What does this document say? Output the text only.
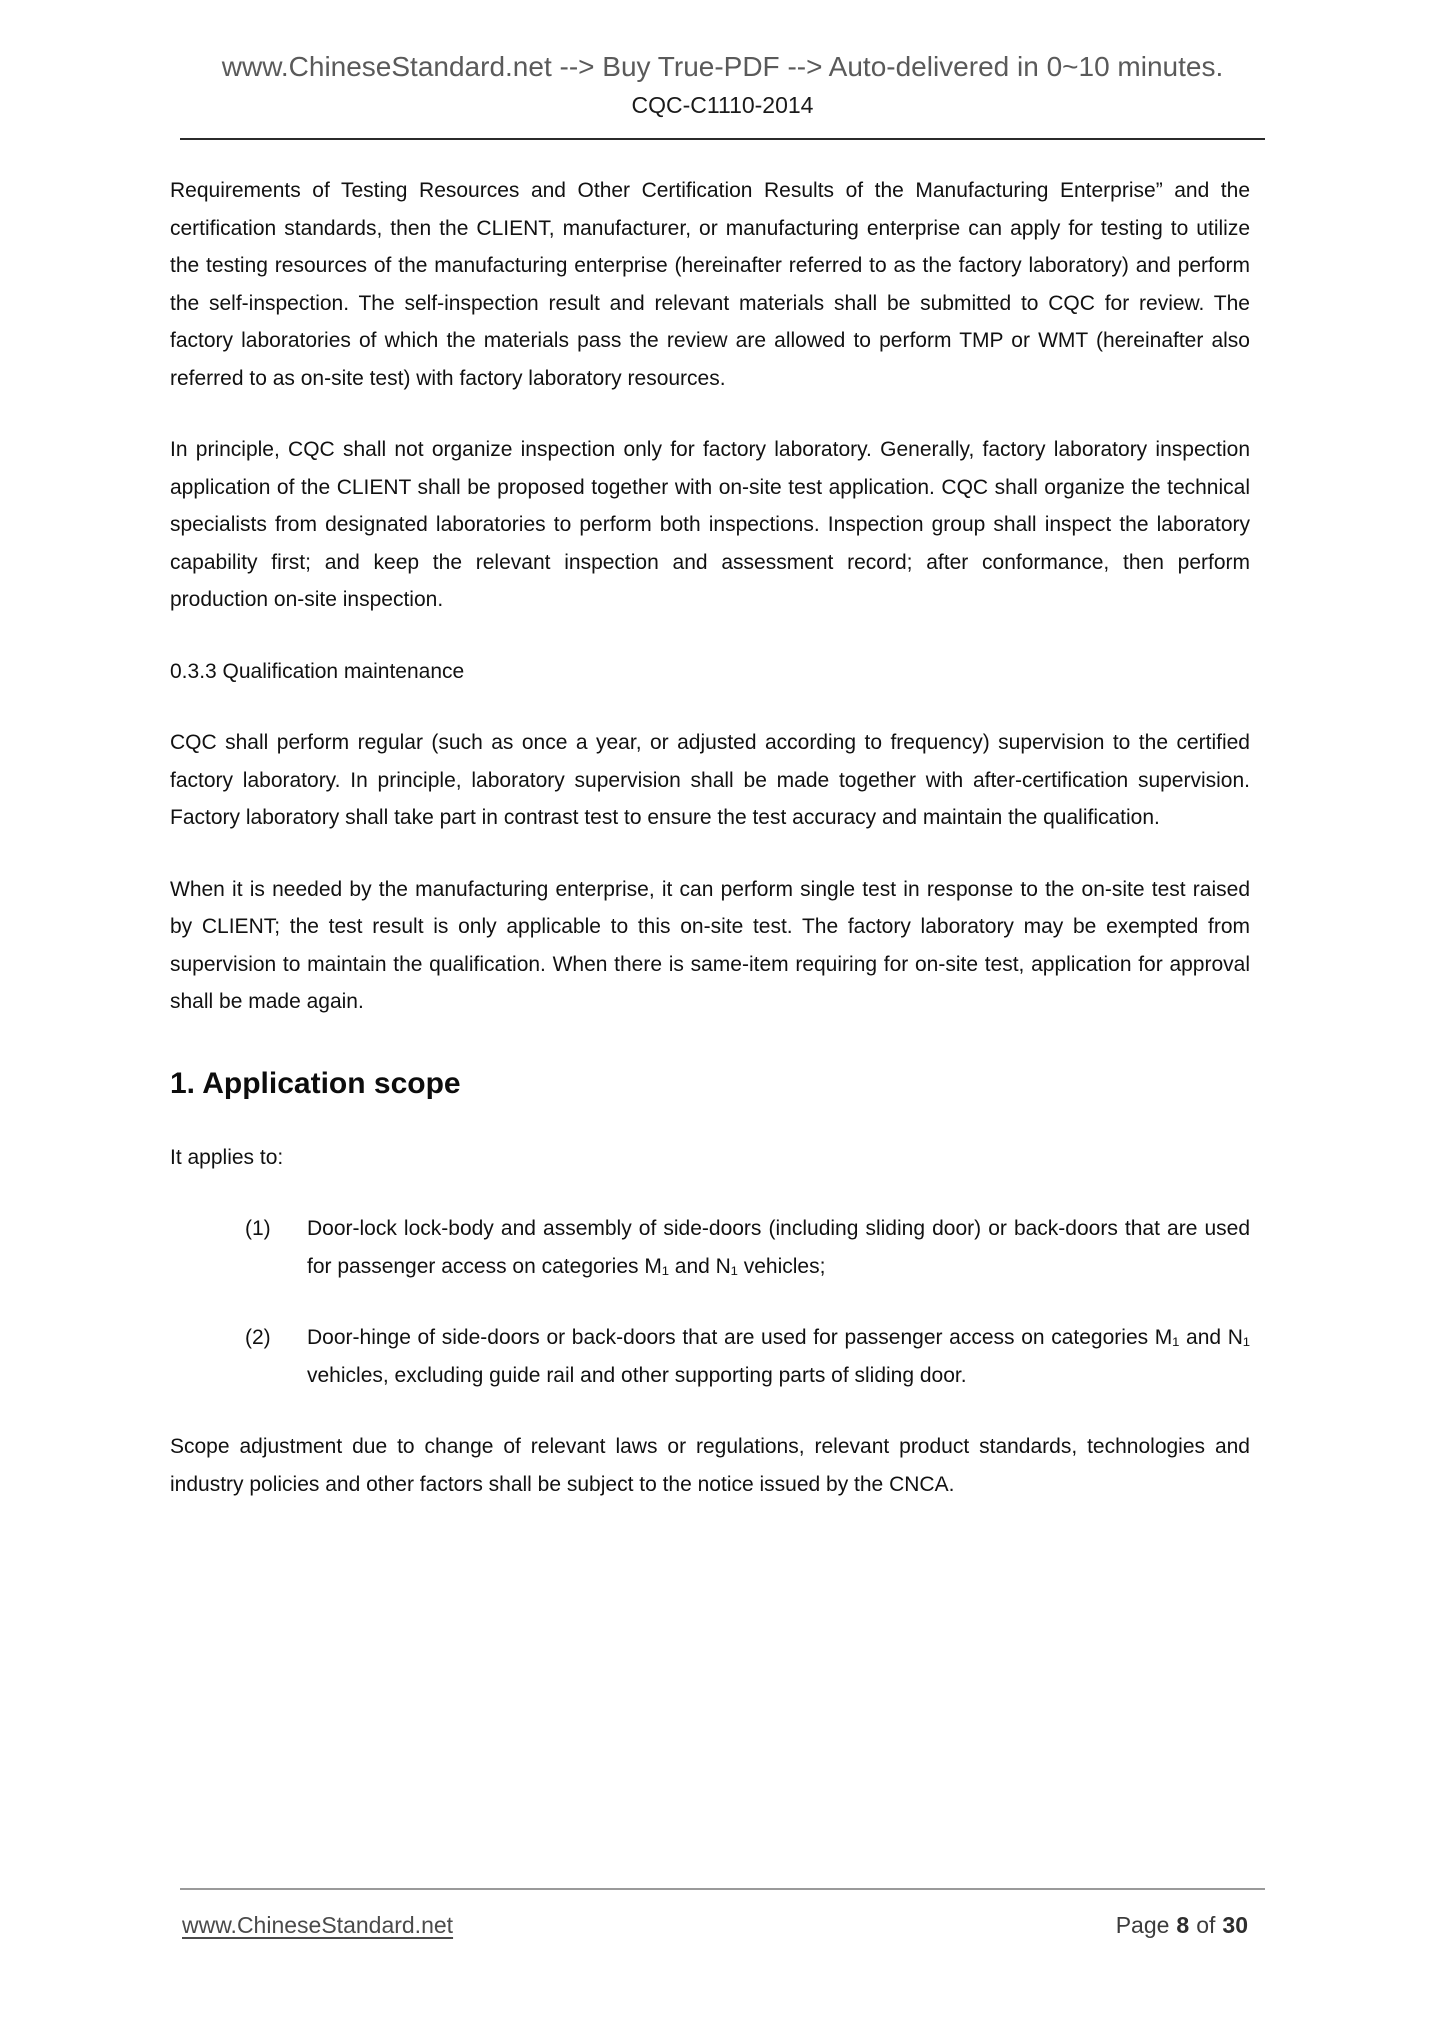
www.ChineseStandard.net --> Buy True-PDF --> Auto-delivered in 0~10 minutes.
CQC-C1110-2014
Requirements of Testing Resources and Other Certification Results of the Manufacturing Enterprise” and the certification standards, then the CLIENT, manufacturer, or manufacturing enterprise can apply for testing to utilize the testing resources of the manufacturing enterprise (hereinafter referred to as the factory laboratory) and perform the self-inspection. The self-inspection result and relevant materials shall be submitted to CQC for review. The factory laboratories of which the materials pass the review are allowed to perform TMP or WMT (hereinafter also referred to as on-site test) with factory laboratory resources.
In principle, CQC shall not organize inspection only for factory laboratory. Generally, factory laboratory inspection application of the CLIENT shall be proposed together with on-site test application. CQC shall organize the technical specialists from designated laboratories to perform both inspections. Inspection group shall inspect the laboratory capability first; and keep the relevant inspection and assessment record; after conformance, then perform production on-site inspection.
0.3.3 Qualification maintenance
CQC shall perform regular (such as once a year, or adjusted according to frequency) supervision to the certified factory laboratory. In principle, laboratory supervision shall be made together with after-certification supervision. Factory laboratory shall take part in contrast test to ensure the test accuracy and maintain the qualification.
When it is needed by the manufacturing enterprise, it can perform single test in response to the on-site test raised by CLIENT; the test result is only applicable to this on-site test. The factory laboratory may be exempted from supervision to maintain the qualification. When there is same-item requiring for on-site test, application for approval shall be made again.
1. Application scope
It applies to:
(1)	Door-lock lock-body and assembly of side-doors (including sliding door) or back-doors that are used for passenger access on categories M₁ and N₁ vehicles;
(2)	Door-hinge of side-doors or back-doors that are used for passenger access on categories M₁ and N₁ vehicles, excluding guide rail and other supporting parts of sliding door.
Scope adjustment due to change of relevant laws or regulations, relevant product standards, technologies and industry policies and other factors shall be subject to the notice issued by the CNCA.
www.ChineseStandard.net	Page 8 of 30
